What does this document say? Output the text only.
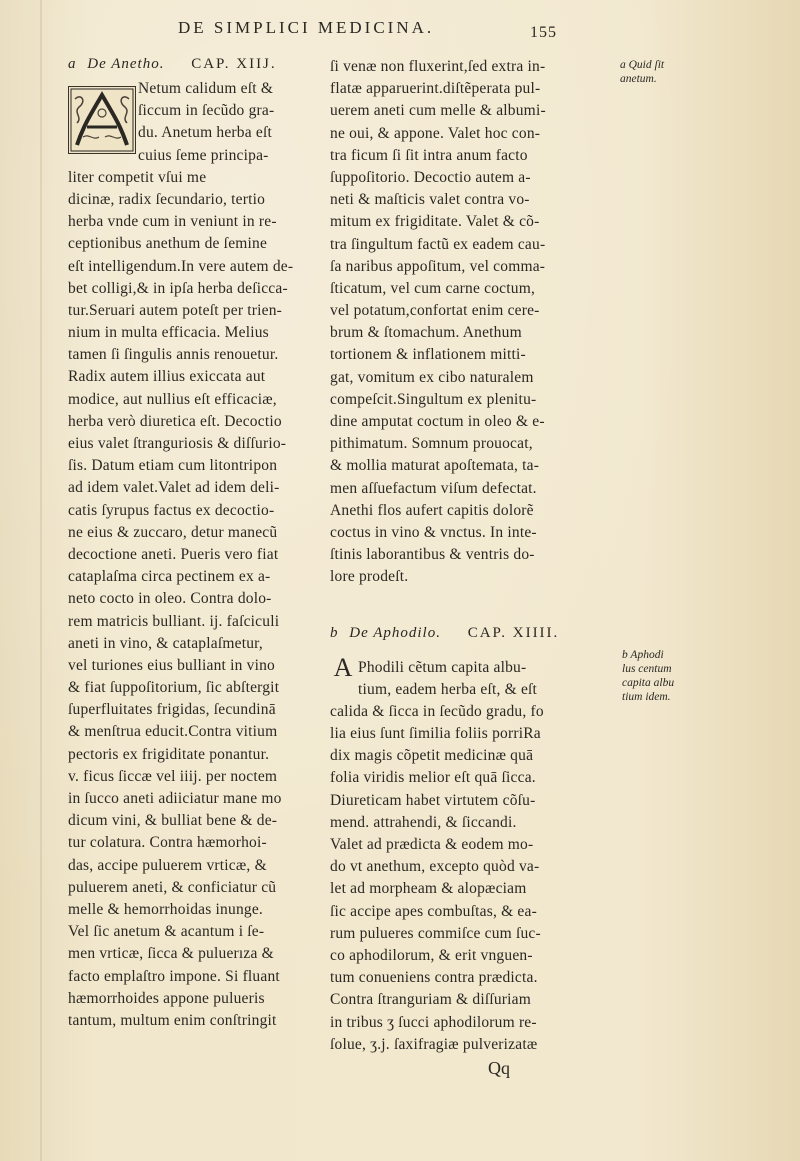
DE SIMPLICI MEDICINA.	155
a De Anetho. CAP. XIIJ.
Netum calidum eſt &
ſiccum in ſecũdo gra-
du. Anetum herba eſt
cuius ſeme principa-
liter competit vſui me
dicinæ, radix ſecundario, tertio
herba vnde cum in veniunt in re-
ceptionibus anethum de ſemine
eſt intelligendum.In vere autem de-
bet colligi,& in ipſa herba deſicca-
tur.Seruari autem poteſt per trien-
nium in multa efficacia. Melius
tamen ſi ſingulis annis renouetur.
Radix autem illius exiccata aut
modice, aut nullius eſt efficaciæ,
herba verò diuretica eſt. Decoctio
eius valet ſtranguriosis & diſſurio-
ſis. Datum etiam cum litontripon
ad idem valet.Valet ad idem deli-
catis ſyrupus factus ex decoctio-
ne eius & zuccaro, detur manecũ
decoctione aneti. Pueris vero fiat
cataplaſma circa pectinem ex a-
neto cocto in oleo. Contra dolo-
rem matricis bulliant. ij. faſciculi
aneti in vino, & cataplaſmetur,
vel turiones eius bulliant in vino
& fiat ſuppoſitorium, ſic abſtergit
ſuperfluitates frigidas, ſecundinā
& menſtrua educit.Contra vitium
pectoris ex frigiditate ponantur.
v. ficus ſiccæ vel iiij. per noctem
in ſucco aneti adiiciatur mane mo
dicum vini, & bulliat bene & de-
tur colatura. Contra hæmorhoi-
das, accipe puluerem vrticæ, &
puluerem aneti, & conficiatur cũ
melle & hemorrhoidas inunge.
Vel ſic anetum & acantum i ſe-
men vrticæ, ſicca & puluerıza &
facto emplaſtro impone. Si fluant
hæmorrhoides appone pulueris
tantum, multum enim conſtringit
ſi venæ non fluxerint,ſed extra in-
flatæ apparuerint.diſtẽperata pul-
uerem aneti cum melle & albumi-
ne oui, & appone. Valet hoc con-
tra ficum ſi ſit intra anum facto
ſuppoſitorio. Decoctio autem a-
neti & maſticis valet contra vo-
mitum ex frigiditate. Valet & cõ-
tra ſingultum factũ ex eadem cau-
ſa naribus appoſitum, vel comma-
ſticatum, vel cum carne coctum,
vel potatum,confortat enim cere-
brum & ſtomachum. Anethum
tortionem & inflationem mitti-
gat, vomitum ex cibo naturalem
compeſcit.Singultum ex plenitu-
dine amputat coctum in oleo & e-
pithimatum. Somnum prouocat,
& mollia maturat apoſtemata, ta-
men aſſuefactum viſum defectat.
Anethi flos aufert capitis dolorẽ
coctus in vino & vnctus. In inte-
ſtinis laborantibus & ventris do-
lore prodeſt.
b De Aphodilo. CAP. XIIII.
A Phodili cẽtum capita albu-
tium, eadem herba eſt, & eſt
calida & ſicca in ſecũdo gradu, fo
lia eius ſunt ſimilia foliis porriRa
dix magis cõpetit medicinæ quā
folia viridis melior eſt quā ſicca.
Diureticam habet virtutem cõſu-
mend. attrahendi, & ſiccandi.
Valet ad prædicta & eodem mo-
do vt anethum, excepto quòd va-
let ad morpheam & alopæciam
ſic accipe apes combuſtas, & ea-
rum pulueres commiſce cum ſuc-
co aphodilorum, & erit vnguen-
tum conueniens contra prædicta.
Contra ſtranguriam & diſſuriam
in tribus ʒ ſucci aphodilorum re-
ſolue, ʒ.j. ſaxifragiæ pulverizatæ
a Quid ſit
anetum.
b Aphodi
lus centum
capita albu
tium idem.
Qq
